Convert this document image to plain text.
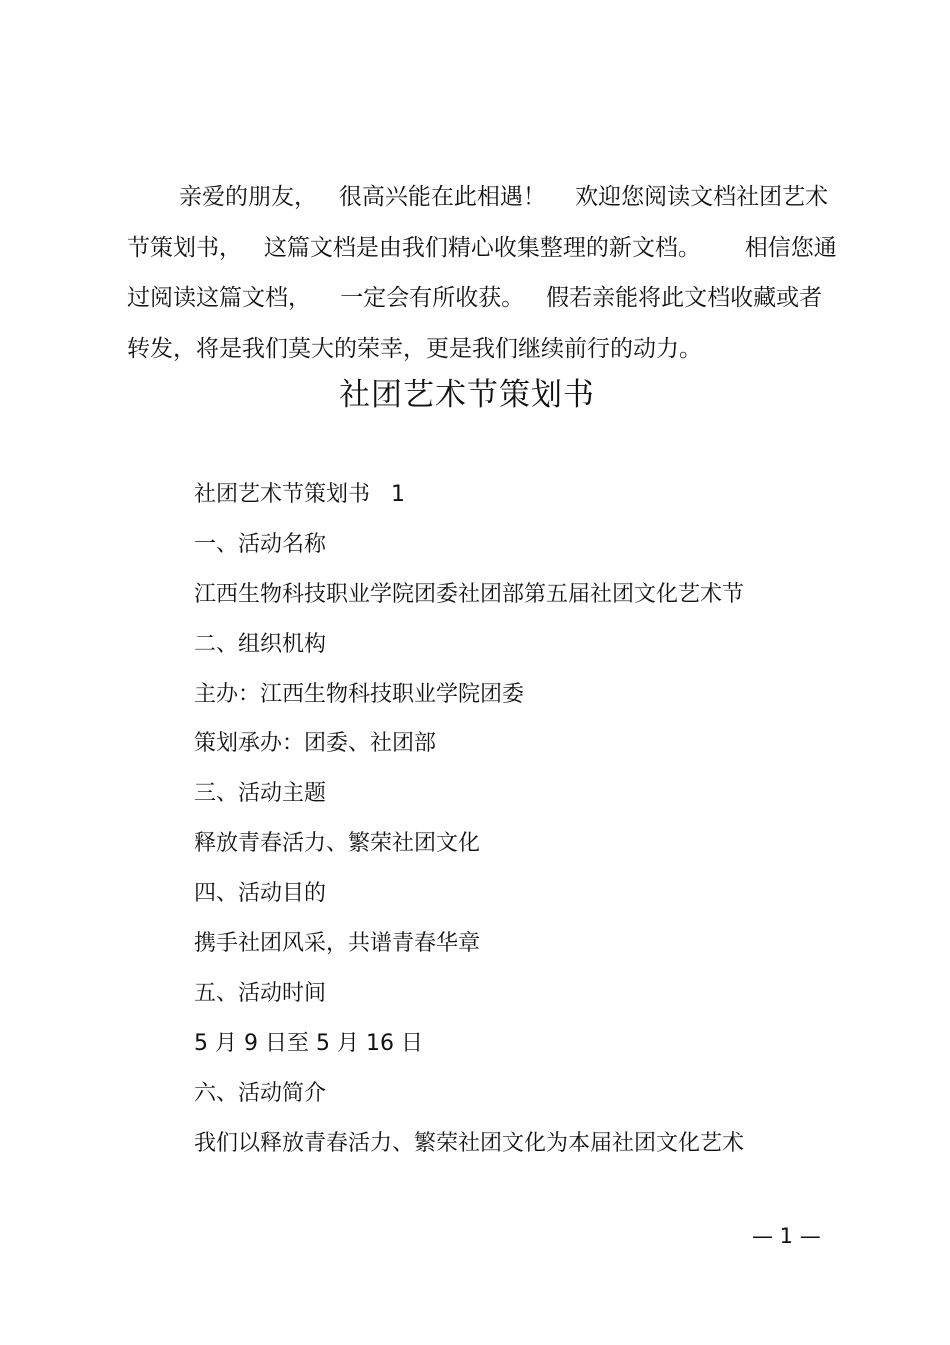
亲爱的朋友，   很高兴能在此相遇！    欢迎您阅读文档社团艺术
节策划书，   这篇文档是由我们精心收集整理的新文档。      相信您通
过阅读这篇文档，    一定会有所收获。   假若亲能将此文档收藏或者
转发，将是我们莫大的荣幸，更是我们继续前行的动力。
社团艺术节策划书
社团艺术节策划书   1
一、活动名称
江西生物科技职业学院团委社团部第五届社团文化艺术节
二、组织机构
主办：江西生物科技职业学院团委
策划承办：团委、社团部
三、活动主题
释放青春活力、繁荣社团文化
四、活动目的
携手社团风采，共谱青春华章
五、活动时间
5 月 9 日至 5 月 16 日
六、活动简介
我们以释放青春活力、繁荣社团文化为本届社团文化艺术
— 1 —
